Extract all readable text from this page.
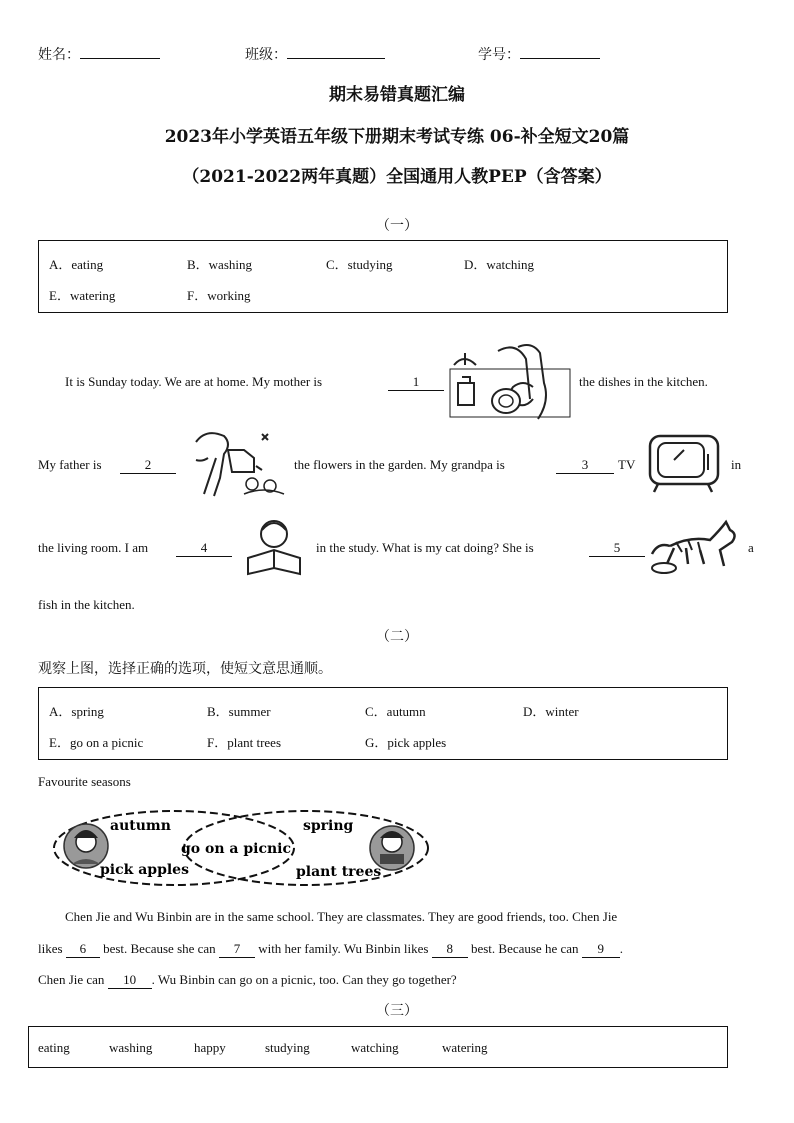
姓名：	班级：	学号：
期末易错真题汇编
2023年小学英语五年级下册期末考试专练 06-补全短文20篇
（2021-2022两年真题）全国通用人教PEP（含答案）
（一）
A．eating	B．washing	C．studying	D．watching
E．watering	F．working
It is Sunday today. We are at home. My mother is	1	the dishes in the kitchen.
My father is	2	the flowers in the garden. My grandpa is	3	TV	in
the living room. I am	4	in the study. What is my cat doing? She is	5	a
fish in the kitchen.
（二）
观察上图，选择正确的选项，使短文意思通顺。
A．spring	B．summer	C．autumn	D．winter
E．go on a picnic	F．plant trees	G．pick apples
Favourite seasons
autumn
pick apples
go on a picnic
spring
plant trees
Chen Jie and Wu Binbin are in the same school. They are classmates. They are good friends, too. Chen Jie
likes 6 best. Because she can 7 with her family. Wu Binbin likes 8 best. Because he can 9 .
Chen Jie can 10 . Wu Binbin can go on a picnic, too. Can they go together?
（三）
eating	washing	happy	studying	watching	watering
